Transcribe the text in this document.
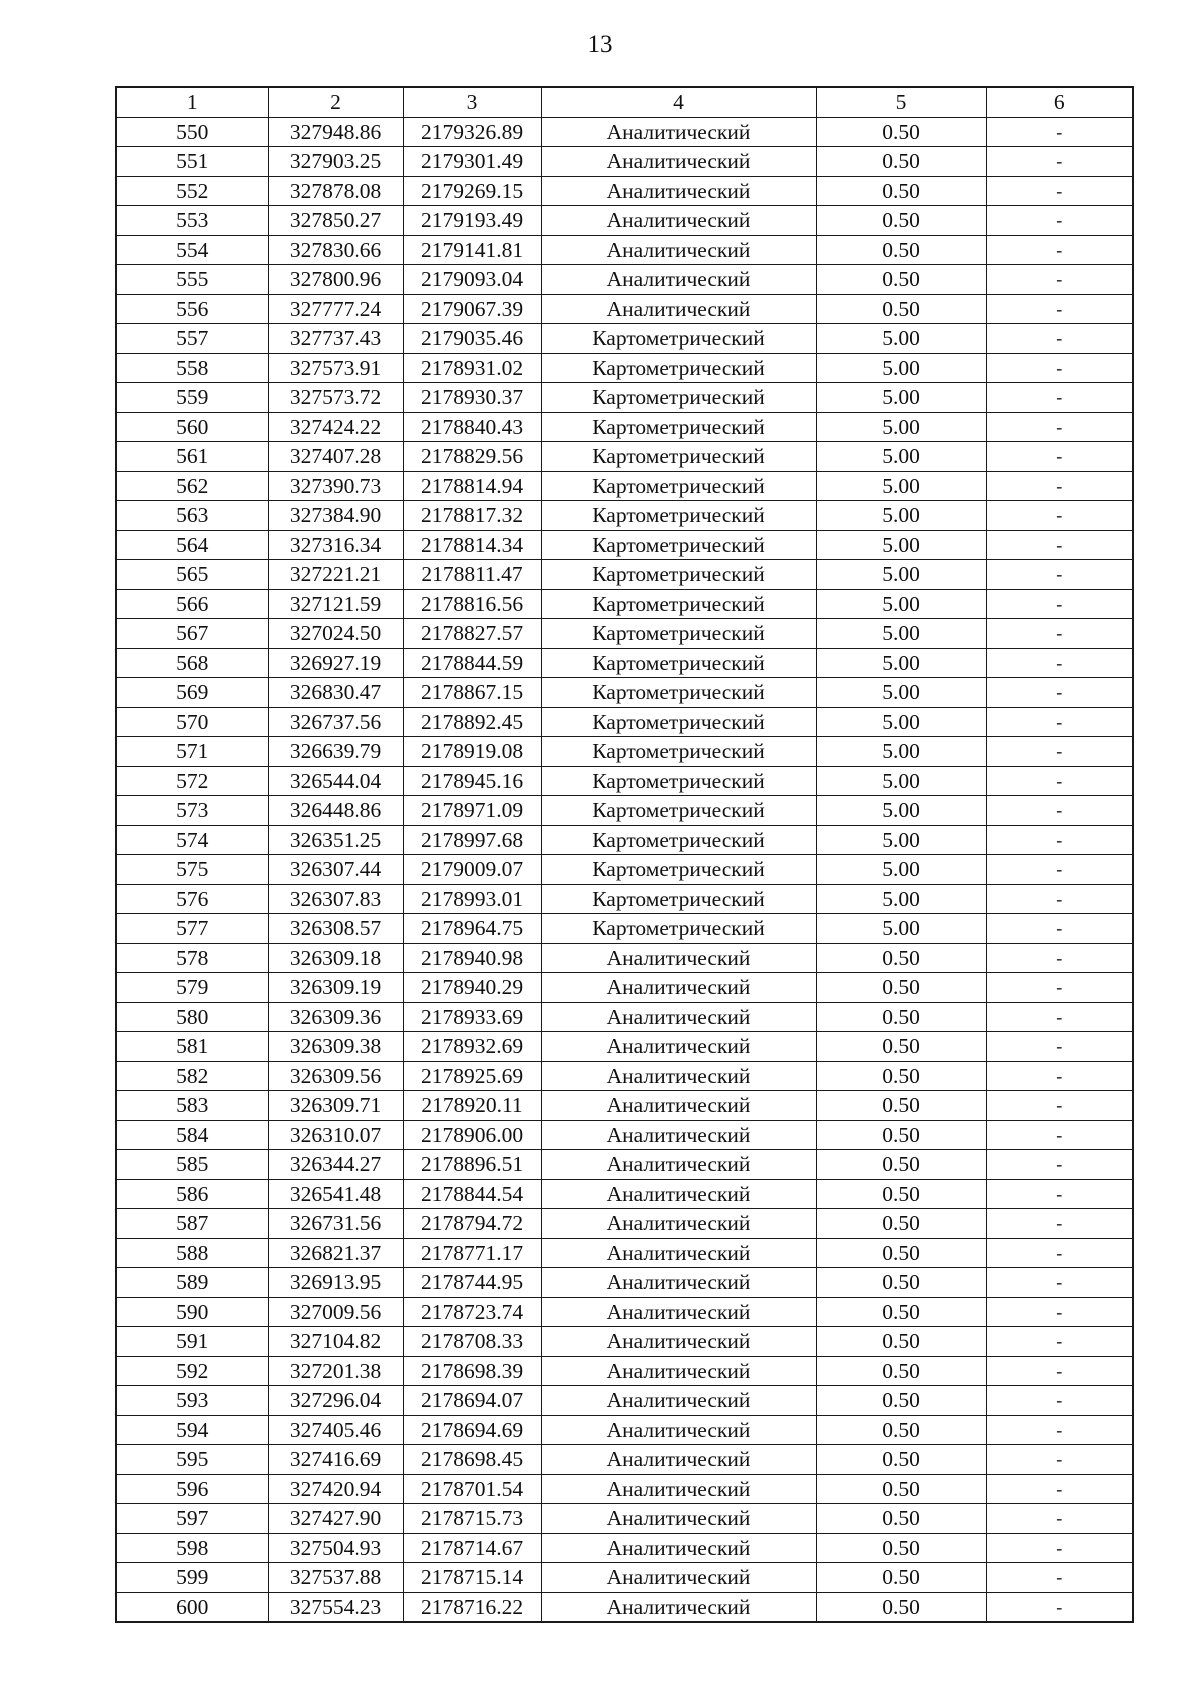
13
1	2	3	4	5	6
550	327948.86	2179326.89	Аналитический	0.50	-
551	327903.25	2179301.49	Аналитический	0.50	-
552	327878.08	2179269.15	Аналитический	0.50	-
553	327850.27	2179193.49	Аналитический	0.50	-
554	327830.66	2179141.81	Аналитический	0.50	-
555	327800.96	2179093.04	Аналитический	0.50	-
556	327777.24	2179067.39	Аналитический	0.50	-
557	327737.43	2179035.46	Картометрический	5.00	-
558	327573.91	2178931.02	Картометрический	5.00	-
559	327573.72	2178930.37	Картометрический	5.00	-
560	327424.22	2178840.43	Картометрический	5.00	-
561	327407.28	2178829.56	Картометрический	5.00	-
562	327390.73	2178814.94	Картометрический	5.00	-
563	327384.90	2178817.32	Картометрический	5.00	-
564	327316.34	2178814.34	Картометрический	5.00	-
565	327221.21	2178811.47	Картометрический	5.00	-
566	327121.59	2178816.56	Картометрический	5.00	-
567	327024.50	2178827.57	Картометрический	5.00	-
568	326927.19	2178844.59	Картометрический	5.00	-
569	326830.47	2178867.15	Картометрический	5.00	-
570	326737.56	2178892.45	Картометрический	5.00	-
571	326639.79	2178919.08	Картометрический	5.00	-
572	326544.04	2178945.16	Картометрический	5.00	-
573	326448.86	2178971.09	Картометрический	5.00	-
574	326351.25	2178997.68	Картометрический	5.00	-
575	326307.44	2179009.07	Картометрический	5.00	-
576	326307.83	2178993.01	Картометрический	5.00	-
577	326308.57	2178964.75	Картометрический	5.00	-
578	326309.18	2178940.98	Аналитический	0.50	-
579	326309.19	2178940.29	Аналитический	0.50	-
580	326309.36	2178933.69	Аналитический	0.50	-
581	326309.38	2178932.69	Аналитический	0.50	-
582	326309.56	2178925.69	Аналитический	0.50	-
583	326309.71	2178920.11	Аналитический	0.50	-
584	326310.07	2178906.00	Аналитический	0.50	-
585	326344.27	2178896.51	Аналитический	0.50	-
586	326541.48	2178844.54	Аналитический	0.50	-
587	326731.56	2178794.72	Аналитический	0.50	-
588	326821.37	2178771.17	Аналитический	0.50	-
589	326913.95	2178744.95	Аналитический	0.50	-
590	327009.56	2178723.74	Аналитический	0.50	-
591	327104.82	2178708.33	Аналитический	0.50	-
592	327201.38	2178698.39	Аналитический	0.50	-
593	327296.04	2178694.07	Аналитический	0.50	-
594	327405.46	2178694.69	Аналитический	0.50	-
595	327416.69	2178698.45	Аналитический	0.50	-
596	327420.94	2178701.54	Аналитический	0.50	-
597	327427.90	2178715.73	Аналитический	0.50	-
598	327504.93	2178714.67	Аналитический	0.50	-
599	327537.88	2178715.14	Аналитический	0.50	-
600	327554.23	2178716.22	Аналитический	0.50	-
